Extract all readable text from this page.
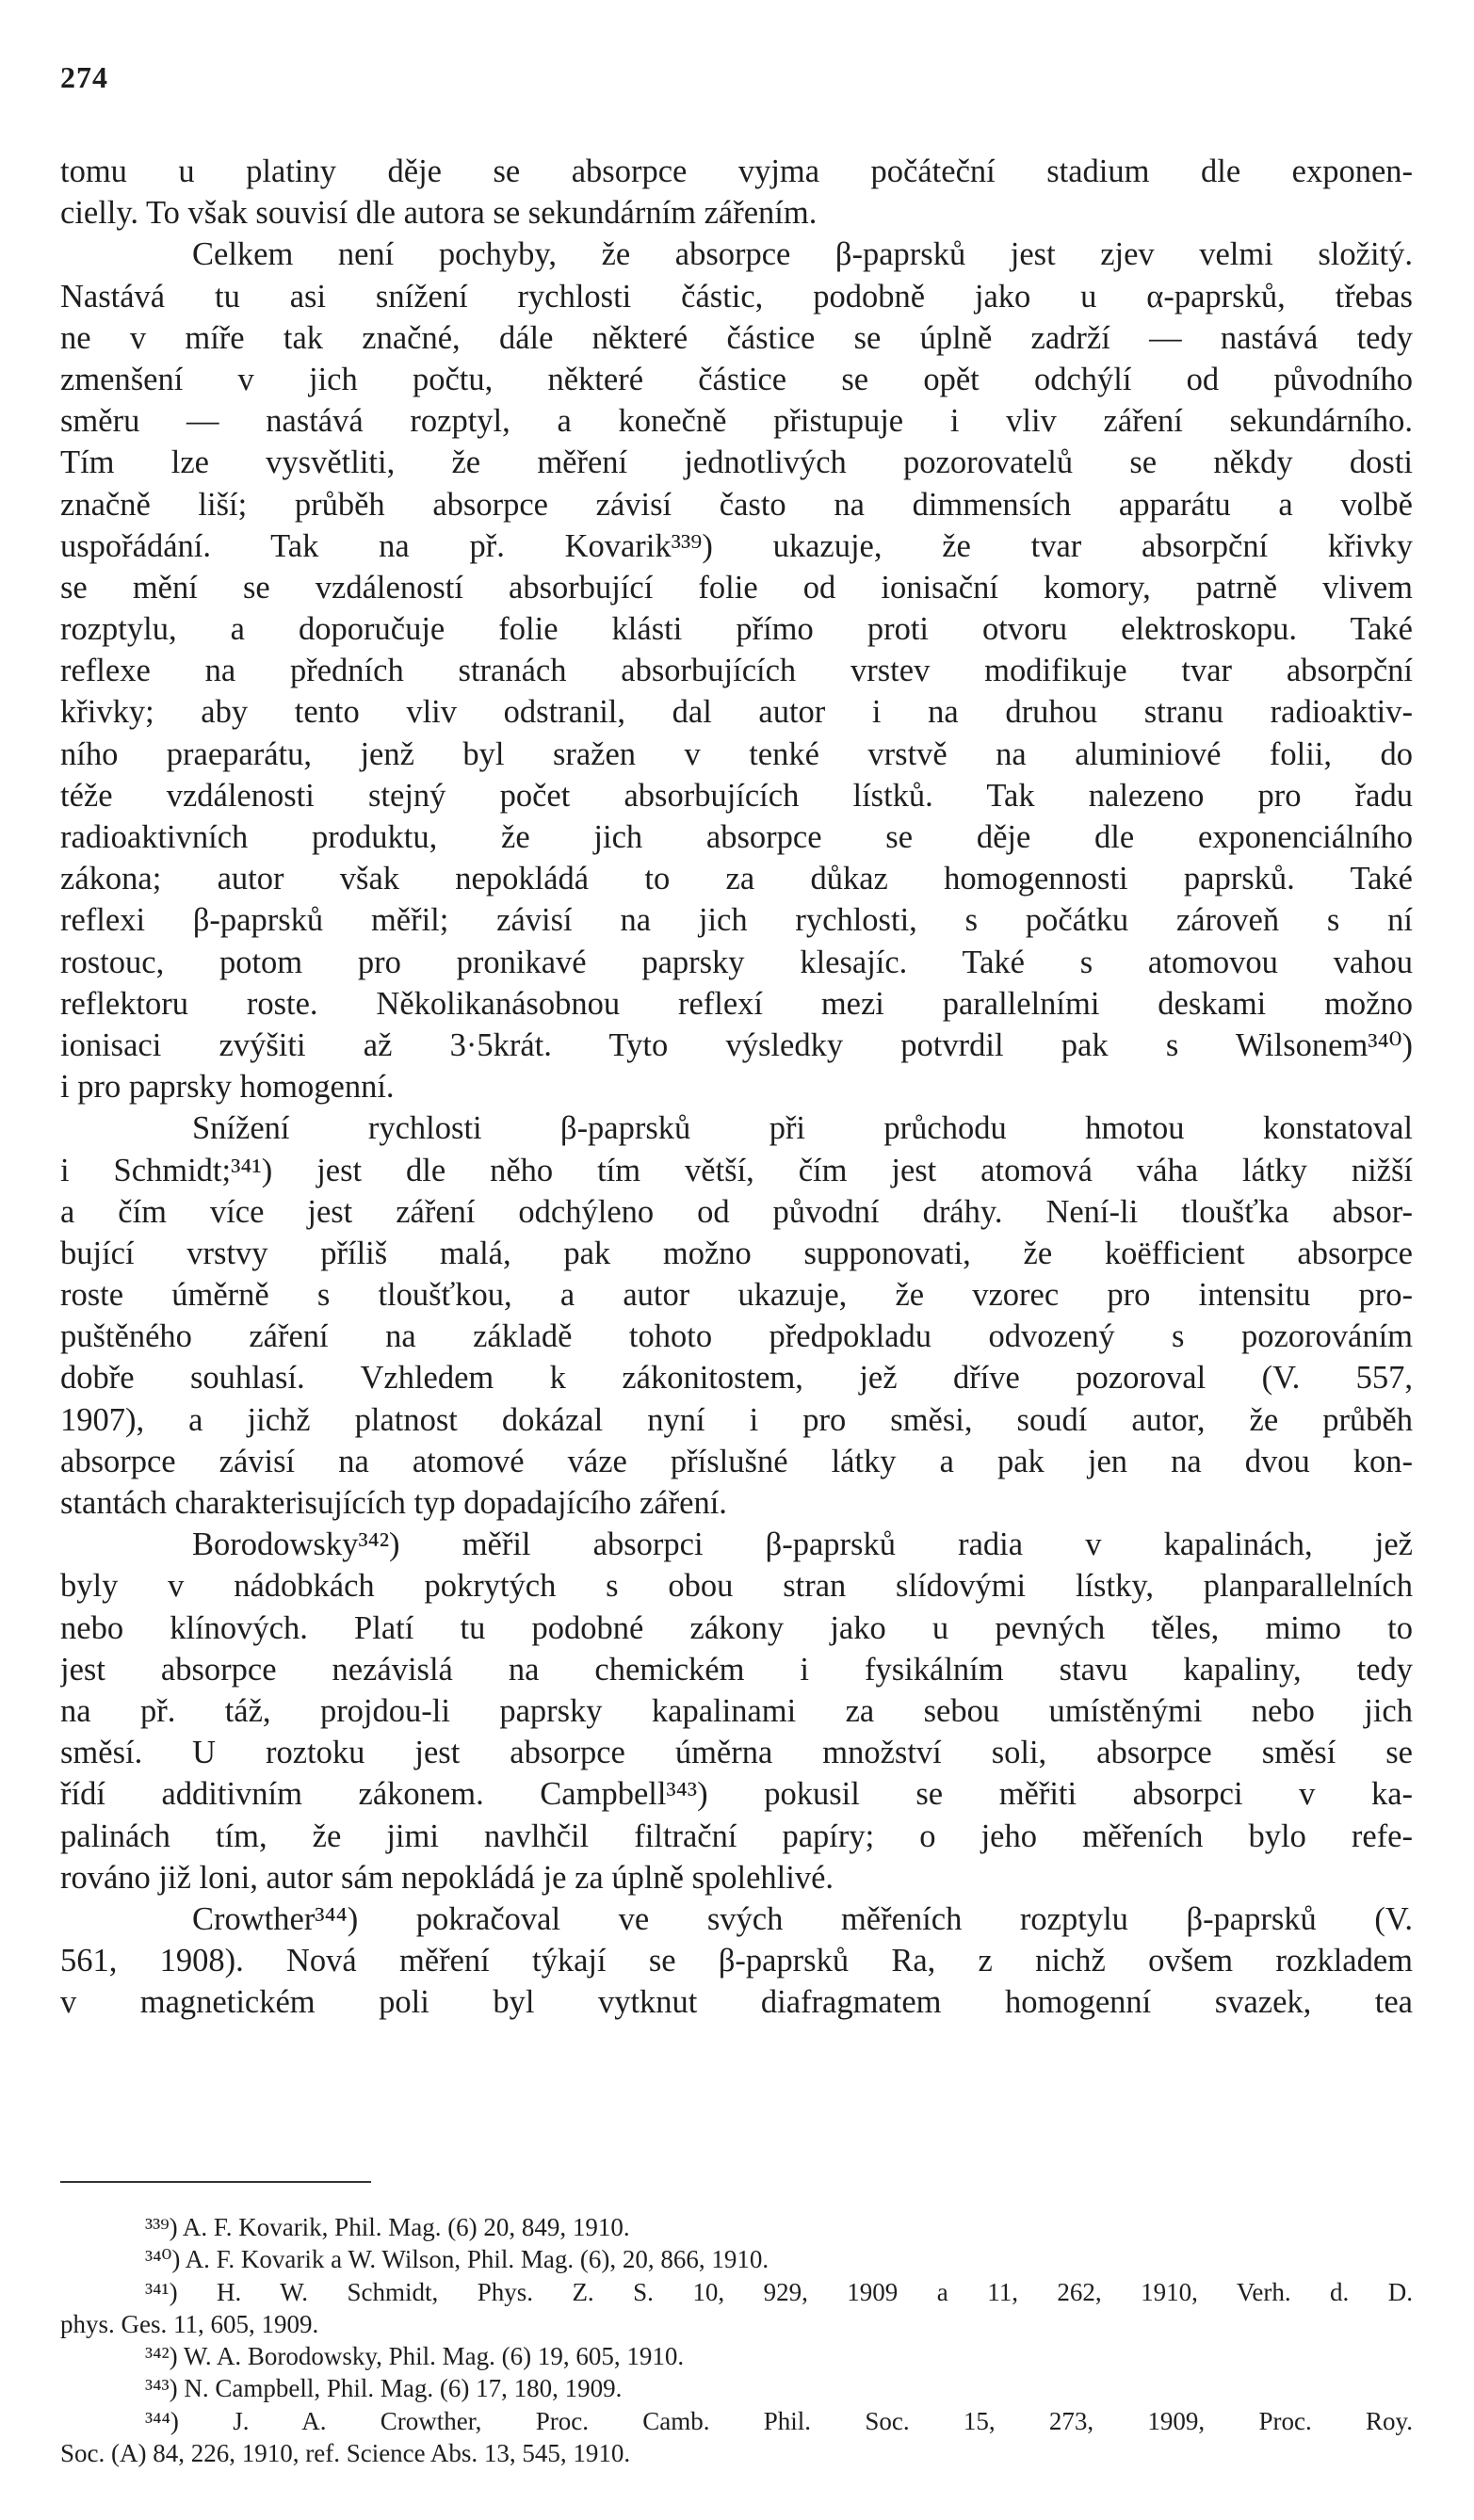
274
tomu u platiny děje se absorpce vyjma počáteční stadium dle exponen-
cielly. To však souvisí dle autora se sekundárním zářením.
Celkem není pochyby, že absorpce β-paprsků jest zjev velmi složitý.
Nastává tu asi snížení rychlosti částic, podobně jako u α-paprsků, třebas
ne v míře tak značné, dále některé částice se úplně zadrží — nastává tedy
zmenšení v jich počtu, některé částice se opět odchýlí od původního
směru — nastává rozptyl, a konečně přistupuje i vliv záření sekundárního.
Tím lze vysvětliti, že měření jednotlivých pozorovatelů se někdy dosti
značně liší; průběh absorpce závisí často na dimmensích apparátu a volbě
uspořádání. Tak na př. Kovarik³³⁹) ukazuje, že tvar absorpční křivky
se mění se vzdáleností absorbující folie od ionisační komory, patrně vlivem
rozptylu, a doporučuje folie klásti přímo proti otvoru elektroskopu. Také
reflexe na předních stranách absorbujících vrstev modifikuje tvar absorpční
křivky; aby tento vliv odstranil, dal autor i na druhou stranu radioaktiv-
ního praeparátu, jenž byl sražen v tenké vrstvě na aluminiové folii, do
téže vzdálenosti stejný počet absorbujících lístků. Tak nalezeno pro řadu
radioaktivních produktu, že jich absorpce se děje dle exponenciálního
zákona; autor však nepokládá to za důkaz homogennosti paprsků. Také
reflexi β-paprsků měřil; závisí na jich rychlosti, s počátku zároveň s ní
rostouc, potom pro pronikavé paprsky klesajíc. Také s atomovou vahou
reflektoru roste. Několikanásobnou reflexí mezi parallelními deskami možno
ionisaci zvýšiti až 3·5krát. Tyto výsledky potvrdil pak s Wilsonem³⁴⁰)
i pro paprsky homogenní.
Snížení rychlosti β-paprsků při průchodu hmotou konstatoval
i Schmidt;³⁴¹) jest dle něho tím větší, čím jest atomová váha látky nižší
a čím více jest záření odchýleno od původní dráhy. Není-li tloušťka absor-
bující vrstvy příliš malá, pak možno supponovati, že koëfficient absorpce
roste úměrně s tloušťkou, a autor ukazuje, že vzorec pro intensitu pro-
puštěného záření na základě tohoto předpokladu odvozený s pozorováním
dobře souhlasí. Vzhledem k zákonitostem, jež dříve pozoroval (V. 557,
1907), a jichž platnost dokázal nyní i pro směsi, soudí autor, že průběh
absorpce závisí na atomové váze příslušné látky a pak jen na dvou kon-
stantách charakterisujících typ dopadajícího záření.
Borodowsky³⁴²) měřil absorpci β-paprsků radia v kapalinách, jež
byly v nádobkách pokrytých s obou stran slídovými lístky, planparallelních
nebo klínových. Platí tu podobné zákony jako u pevných těles, mimo to
jest absorpce nezávislá na chemickém i fysikálním stavu kapaliny, tedy
na př. táž, projdou-li paprsky kapalinami za sebou umístěnými nebo jich
směsí. U roztoku jest absorpce úměrna množství soli, absorpce směsí se
řídí additivním zákonem. Campbell³⁴³) pokusil se měřiti absorpci v ka-
palinách tím, že jimi navlhčil filtrační papíry; o jeho měřeních bylo refe-
rováno již loni, autor sám nepokládá je za úplně spolehlivé.
Crowther³⁴⁴) pokračoval ve svých měřeních rozptylu β-paprsků (V.
561, 1908). Nová měření týkají se β-paprsků Ra, z nichž ovšem rozkladem
v magnetickém poli byl vytknut diafragmatem homogenní svazek, tea
³³⁹) A. F. Kovarik, Phil. Mag. (6) 20, 849, 1910.
³⁴⁰) A. F. Kovarik a W. Wilson, Phil. Mag. (6), 20, 866, 1910.
³⁴¹) H. W. Schmidt, Phys. Z. S. 10, 929, 1909 a 11, 262, 1910, Verh. d. D.
phys. Ges. 11, 605, 1909.
³⁴²) W. A. Borodowsky, Phil. Mag. (6) 19, 605, 1910.
³⁴³) N. Campbell, Phil. Mag. (6) 17, 180, 1909.
³⁴⁴) J. A. Crowther, Proc. Camb. Phil. Soc. 15, 273, 1909, Proc. Roy.
Soc. (A) 84, 226, 1910, ref. Science Abs. 13, 545, 1910.
